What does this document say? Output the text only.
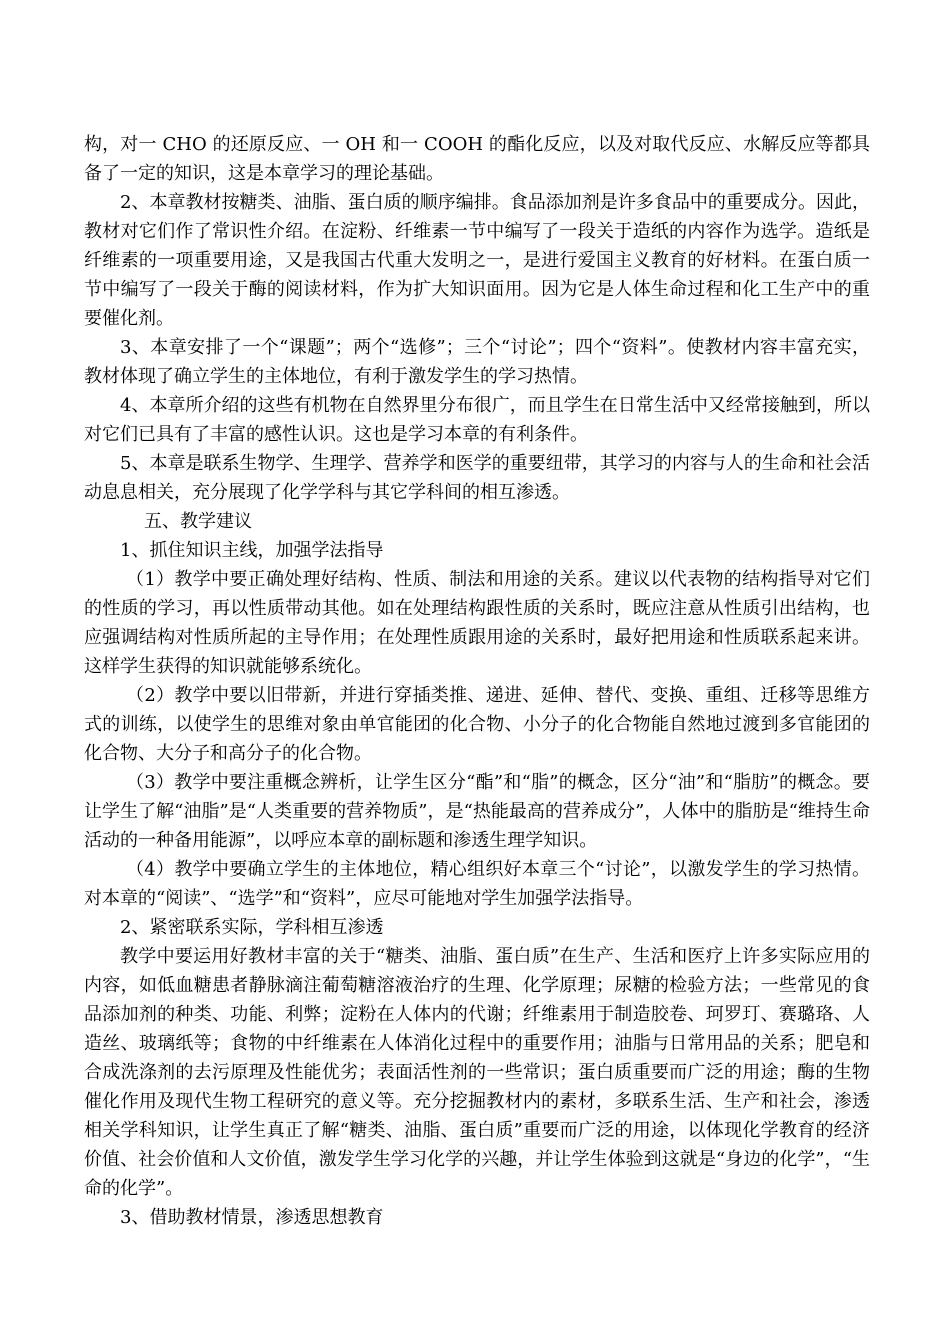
构，对一 CHO 的还原反应、一 OH 和一 COOH 的酯化反应，以及对取代反应、水解反应等都具备了一定的知识，这是本章学习的理论基础。

2、本章教材按糖类、油脂、蛋白质的顺序编排。食品添加剂是许多食品中的重要成分。因此，教材对它们作了常识性介绍。在淀粉、纤维素一节中编写了一段关于造纸的内容作为选学。造纸是纤维素的一项重要用途，又是我国古代重大发明之一，是进行爱国主义教育的好材料。在蛋白质一节中编写了一段关于酶的阅读材料，作为扩大知识面用。因为它是人体生命过程和化工生产中的重要催化剂。

3、本章安排了一个“课题”；两个“选修”；三个“讨论”；四个“资料”。使教材内容丰富充实，教材体现了确立学生的主体地位，有利于激发学生的学习热情。

4、本章所介绍的这些有机物在自然界里分布很广，而且学生在日常生活中又经常接触到，所以对它们已具有了丰富的感性认识。这也是学习本章的有利条件。

5、本章是联系生物学、生理学、营养学和医学的重要纽带，其学习的内容与人的生命和社会活动息息相关，充分展现了化学学科与其它学科间的相互渗透。

五、教学建议

1、抓住知识主线，加强学法指导

（1）教学中要正确处理好结构、性质、制法和用途的关系。建议以代表物的结构指导对它们的性质的学习，再以性质带动其他。如在处理结构跟性质的关系时，既应注意从性质引出结构，也应强调结构对性质所起的主导作用；在处理性质跟用途的关系时，最好把用途和性质联系起来讲。这样学生获得的知识就能够系统化。

（2）教学中要以旧带新，并进行穿插类推、递进、延伸、替代、变换、重组、迁移等思维方式的训练，以使学生的思维对象由单官能团的化合物、小分子的化合物能自然地过渡到多官能团的化合物、大分子和高分子的化合物。

（3）教学中要注重概念辨析，让学生区分“酯”和“脂”的概念，区分“油”和“脂肪”的概念。要让学生了解“油脂”是“人类重要的营养物质”，是“热能最高的营养成分”，人体中的脂肪是“维持生命活动的一种备用能源”，以呼应本章的副标题和渗透生理学知识。

（4）教学中要确立学生的主体地位，精心组织好本章三个“讨论”，以激发学生的学习热情。对本章的“阅读”、“选学”和“资料”，应尽可能地对学生加强学法指导。

2、紧密联系实际，学科相互渗透

教学中要运用好教材丰富的关于“糖类、油脂、蛋白质”在生产、生活和医疗上许多实际应用的内容，如低血糖患者静脉滴注葡萄糖溶液治疗的生理、化学原理；尿糖的检验方法；一些常见的食品添加剂的种类、功能、利弊；淀粉在人体内的代谢；纤维素用于制造胶卷、珂罗玎、赛璐珞、人造丝、玻璃纸等；食物的中纤维素在人体消化过程中的重要作用；油脂与日常用品的关系；肥皂和合成洗涤剂的去污原理及性能优劣；表面活性剂的一些常识；蛋白质重要而广泛的用途；酶的生物催化作用及现代生物工程研究的意义等。充分挖掘教材内的素材，多联系生活、生产和社会，渗透相关学科知识，让学生真正了解“糖类、油脂、蛋白质”重要而广泛的用途，以体现化学教育的经济价值、社会价值和人文价值，激发学生学习化学的兴趣，并让学生体验到这就是“身边的化学”，“生命的化学”。

3、借助教材情景，渗透思想教育
